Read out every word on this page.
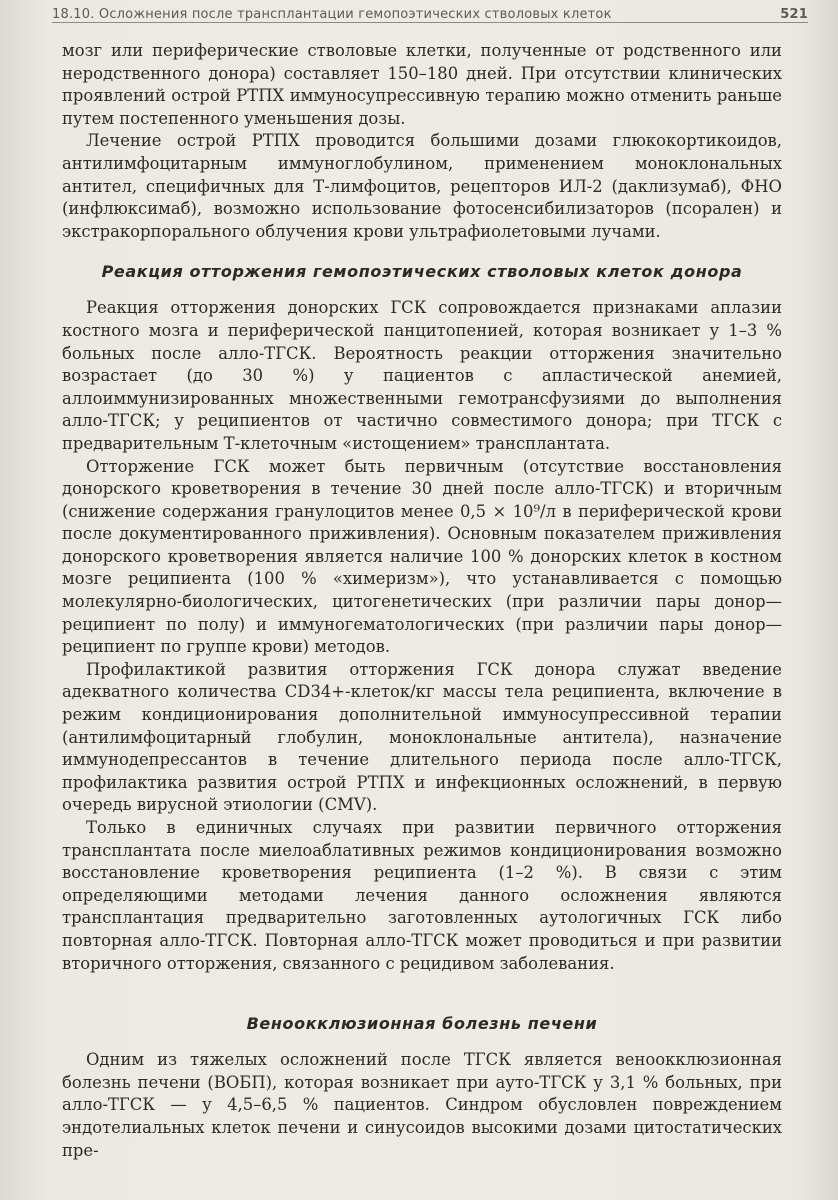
18.10. Осложнения после трансплантации гемопоэтических стволовых клеток	521

мозг или периферические стволовые клетки, полученные от родственного или неродственного донора) составляет 150–180 дней. При отсутствии клинических проявлений острой РТПХ иммуносупрессивную терапию можно отменить раньше путем постепенного уменьшения дозы.

Лечение острой РТПХ проводится большими дозами глюкокортикоидов, антилимфоцитарным иммуноглобулином, применением моноклональных антител, специфичных для Т-лимфоцитов, рецепторов ИЛ-2 (даклизумаб), ФНО (инфлюксимаб), возможно использование фотосенсибилизаторов (псорален) и экстракорпорального облучения крови ультрафиолетовыми лучами.

Реакция отторжения гемопоэтических стволовых клеток донора

Реакция отторжения донорских ГСК сопровождается признаками аплазии костного мозга и периферической панцитопенией, которая возникает у 1–3 % больных после алло-ТГСК. Вероятность реакции отторжения значительно возрастает (до 30 %) у пациентов с апластической анемией, аллоиммунизированных множественными гемотрансфузиями до выполнения алло-ТГСК; у реципиентов от частично совместимого донора; при ТГСК с предварительным Т-клеточным «истощением» трансплантата.

Отторжение ГСК может быть первичным (отсутствие восстановления донорского кроветворения в течение 30 дней после алло-ТГСК) и вторичным (снижение содержания гранулоцитов менее 0,5 × 10⁹/л в периферической крови после документированного приживления). Основным показателем приживления донорского кроветворения является наличие 100 % донорских клеток в костном мозге реципиента (100 % «химеризм»), что устанавливается с помощью молекулярно-биологических, цитогенетических (при различии пары донор—реципиент по полу) и иммуногематологических (при различии пары донор—реципиент по группе крови) методов.

Профилактикой развития отторжения ГСК донора служат введение адекватного количества CD34+-клеток/кг массы тела реципиента, включение в режим кондиционирования дополнительной иммуносупрессивной терапии (антилимфоцитарный глобулин, моноклональные антитела), назначение иммунодепрессантов в течение длительного периода после алло-ТГСК, профилактика развития острой РТПХ и инфекционных осложнений, в первую очередь вирусной этиологии (CMV).

Только в единичных случаях при развитии первичного отторжения трансплантата после миелоаблативных режимов кондиционирования возможно восстановление кроветворения реципиента (1–2 %). В связи с этим определяющими методами лечения данного осложнения являются трансплантация предварительно заготовленных аутологичных ГСК либо повторная алло-ТГСК. Повторная алло-ТГСК может проводиться и при развитии вторичного отторжения, связанного с рецидивом заболевания.

Веноокклюзионная болезнь печени

Одним из тяжелых осложнений после ТГСК является веноокклюзионная болезнь печени (ВОБП), которая возникает при ауто-ТГСК у 3,1 % больных, при алло-ТГСК — у 4,5–6,5 % пациентов. Синдром обусловлен повреждением эндотелиальных клеток печени и синусоидов высокими дозами цитостатических пре-
